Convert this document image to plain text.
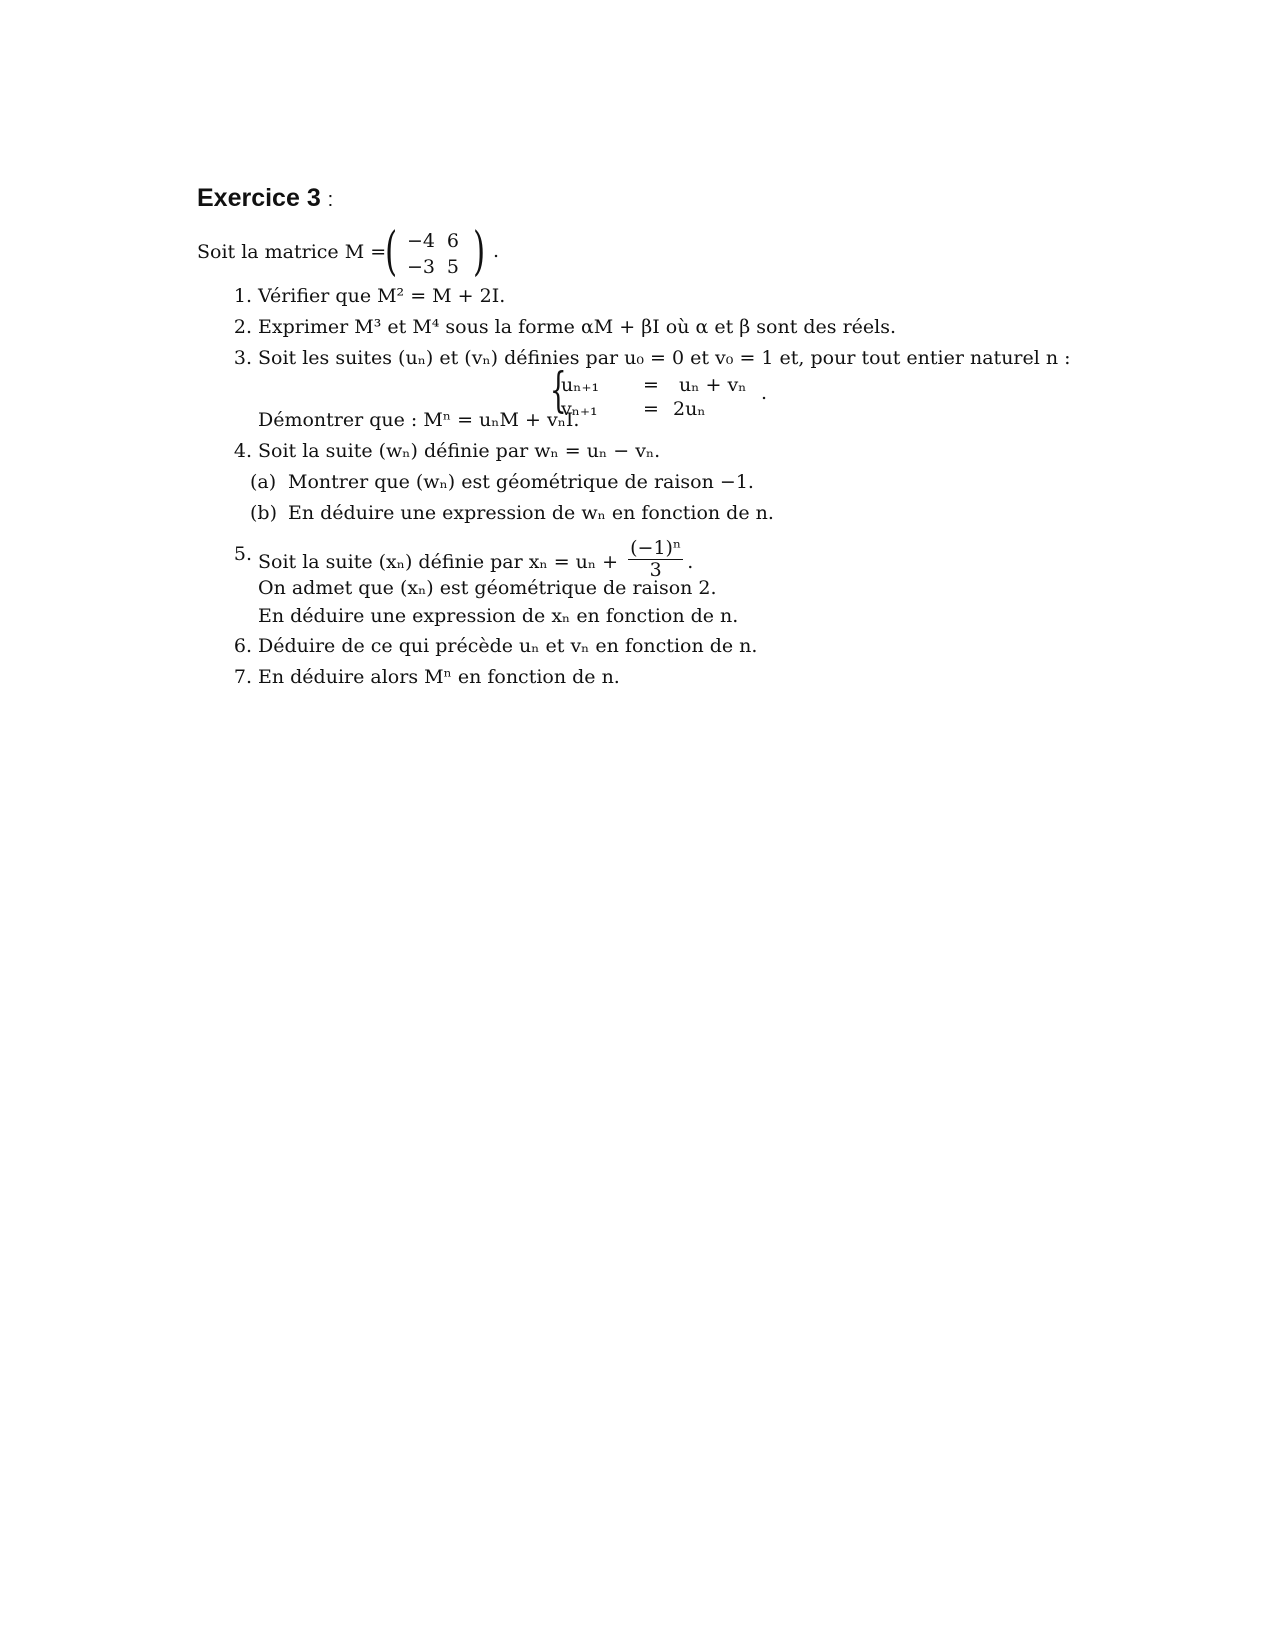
Exercice 3 :
Soit la matrice M =
( −4 6
−3 5 ) .
1. Vérifier que M² = M + 2I.
2. Exprimer M³ et M⁴ sous la forme αM + βI où α et β sont des réels.
3. Soit les suites (uₙ) et (vₙ) définies par u₀ = 0 et v₀ = 1 et, pour tout entier naturel n :
{
uₙ₊₁ = uₙ + vₙ
vₙ₊₁ = 2uₙ
.
Démontrer que : Mⁿ = uₙM + vₙI.
4. Soit la suite (wₙ) définie par wₙ = uₙ − vₙ.
(a) Montrer que (wₙ) est géométrique de raison −1.
(b) En déduire une expression de wₙ en fonction de n.
5. Soit la suite (xₙ) définie par $x_n = u_n + \frac{\text{(−1)ⁿ}}{3}$ .
On admet que (xₙ) est géométrique de raison 2.
En déduire une expression de xₙ en fonction de n.
6. Déduire de ce qui précède uₙ et vₙ en fonction de n.
7. En déduire alors Mⁿ en fonction de n.
